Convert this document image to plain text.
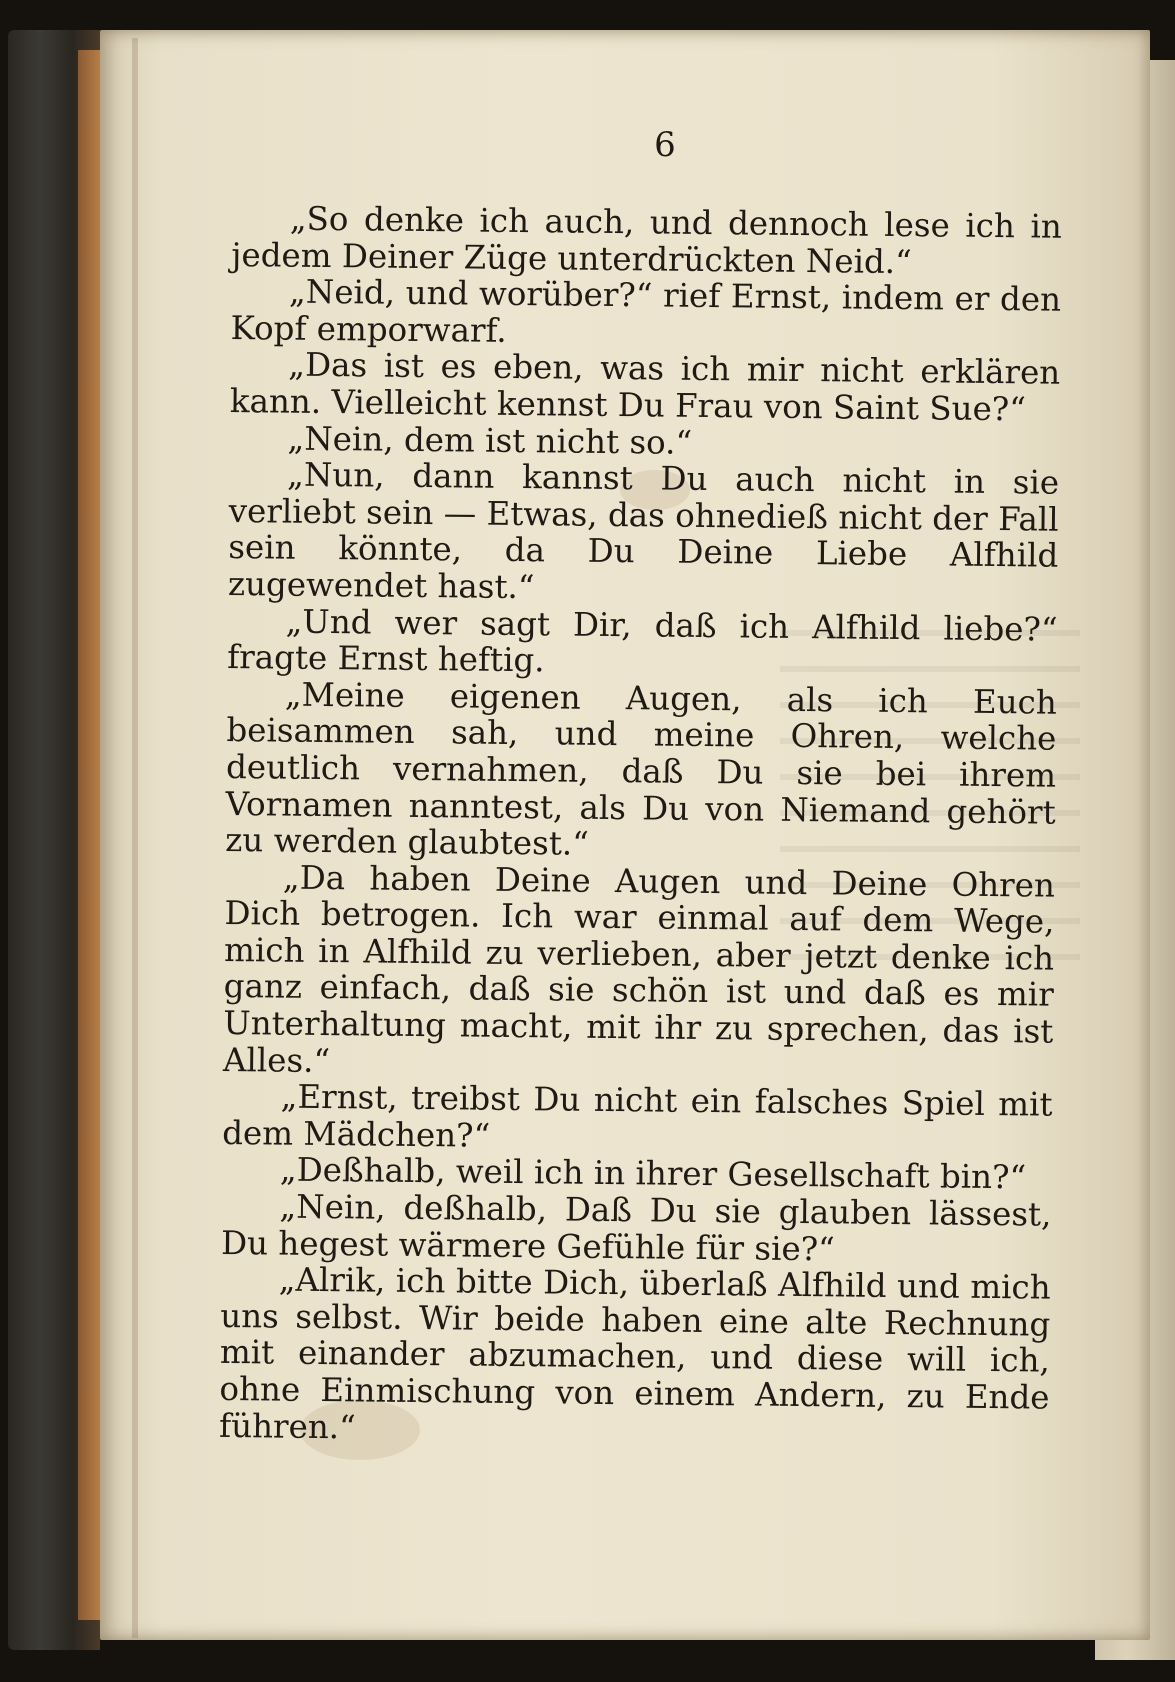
6

„So denke ich auch, und dennoch lese ich in jedem Deiner Züge unterdrückten Neid.“

„Neid, und worüber?“ rief Ernst, indem er den Kopf emporwarf.

„Das ist es eben, was ich mir nicht erklären kann. Vielleicht kennst Du Frau von Saint Sue?“

„Nein, dem ist nicht so.“

„Nun, dann kannst Du auch nicht in sie verliebt sein — Etwas, das ohnedieß nicht der Fall sein könnte, da Du Deine Liebe Alfhild zugewendet hast.“

„Und wer sagt Dir, daß ich Alfhild liebe?“ fragte Ernst heftig.

„Meine eigenen Augen, als ich Euch beisammen sah, und meine Ohren, welche deutlich vernahmen, daß Du sie bei ihrem Vornamen nanntest, als Du von Niemand gehört zu werden glaubtest.“

„Da haben Deine Augen und Deine Ohren Dich betrogen. Ich war einmal auf dem Wege, mich in Alfhild zu verlieben, aber jetzt denke ich ganz einfach, daß sie schön ist und daß es mir Unterhaltung macht, mit ihr zu sprechen, das ist Alles.“

„Ernst, treibst Du nicht ein falsches Spiel mit dem Mädchen?“

„Deßhalb, weil ich in ihrer Gesellschaft bin?“

„Nein, deßhalb, Daß Du sie glauben lässest, Du hegest wärmere Gefühle für sie?“

„Alrik, ich bitte Dich, überlaß Alfhild und mich uns selbst. Wir beide haben eine alte Rechnung mit einander abzumachen, und diese will ich, ohne Einmischung von einem Andern, zu Ende führen.“
